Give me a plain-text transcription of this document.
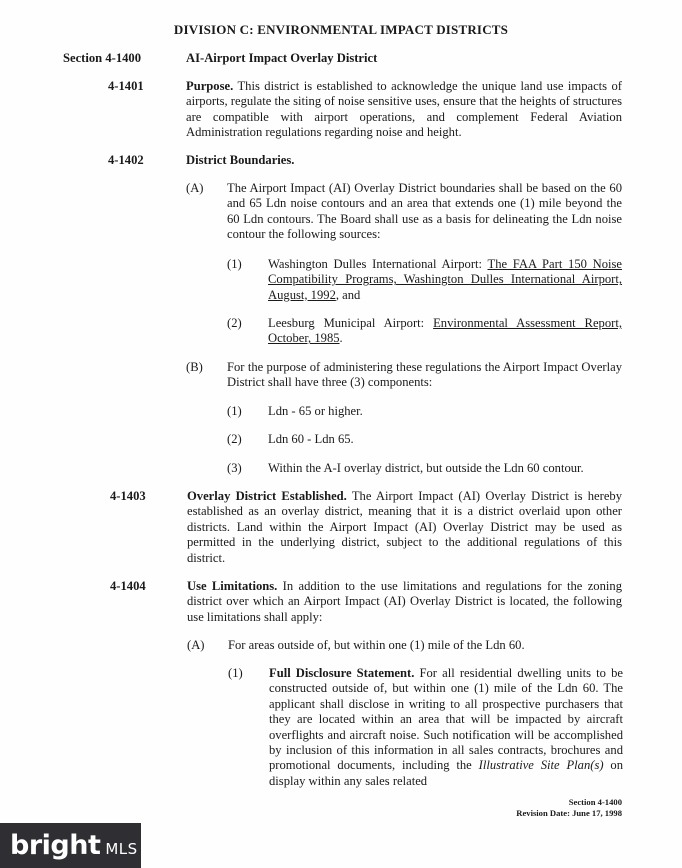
DIVISION C: ENVIRONMENTAL IMPACT DISTRICTS
Section 4-1400	AI-Airport Impact Overlay District
4-1401	Purpose. This district is established to acknowledge the unique land use impacts of airports, regulate the siting of noise sensitive uses, ensure that the heights of structures are compatible with airport operations, and complement Federal Aviation Administration regulations regarding noise and height.
4-1402	District Boundaries.
(A) The Airport Impact (AI) Overlay District boundaries shall be based on the 60 and 65 Ldn noise contours and an area that extends one (1) mile beyond the 60 Ldn contours. The Board shall use as a basis for delineating the Ldn noise contour the following sources:
(1) Washington Dulles International Airport: The FAA Part 150 Noise Compatibility Programs, Washington Dulles International Airport, August, 1992, and
(2) Leesburg Municipal Airport: Environmental Assessment Report, October, 1985.
(B) For the purpose of administering these regulations the Airport Impact Overlay District shall have three (3) components:
(1) Ldn - 65 or higher.
(2) Ldn 60 - Ldn 65.
(3) Within the A-I overlay district, but outside the Ldn 60 contour.
4-1403	Overlay District Established. The Airport Impact (AI) Overlay District is hereby established as an overlay district, meaning that it is a district overlaid upon other districts. Land within the Airport Impact (AI) Overlay District may be used as permitted in the underlying district, subject to the additional regulations of this district.
4-1404	Use Limitations. In addition to the use limitations and regulations for the zoning district over which an Airport Impact (AI) Overlay District is located, the following use limitations shall apply:
(A) For areas outside of, but within one (1) mile of the Ldn 60.
(1) Full Disclosure Statement. For all residential dwelling units to be constructed outside of, but within one (1) mile of the Ldn 60. The applicant shall disclose in writing to all prospective purchasers that they are located within an area that will be impacted by aircraft overflights and aircraft noise. Such notification will be accomplished by inclusion of this information in all sales contracts, brochures and promotional documents, including the Illustrative Site Plan(s) on display within any sales related
Section 4-1400
Revision Date: June 17, 1998
bright MLS
